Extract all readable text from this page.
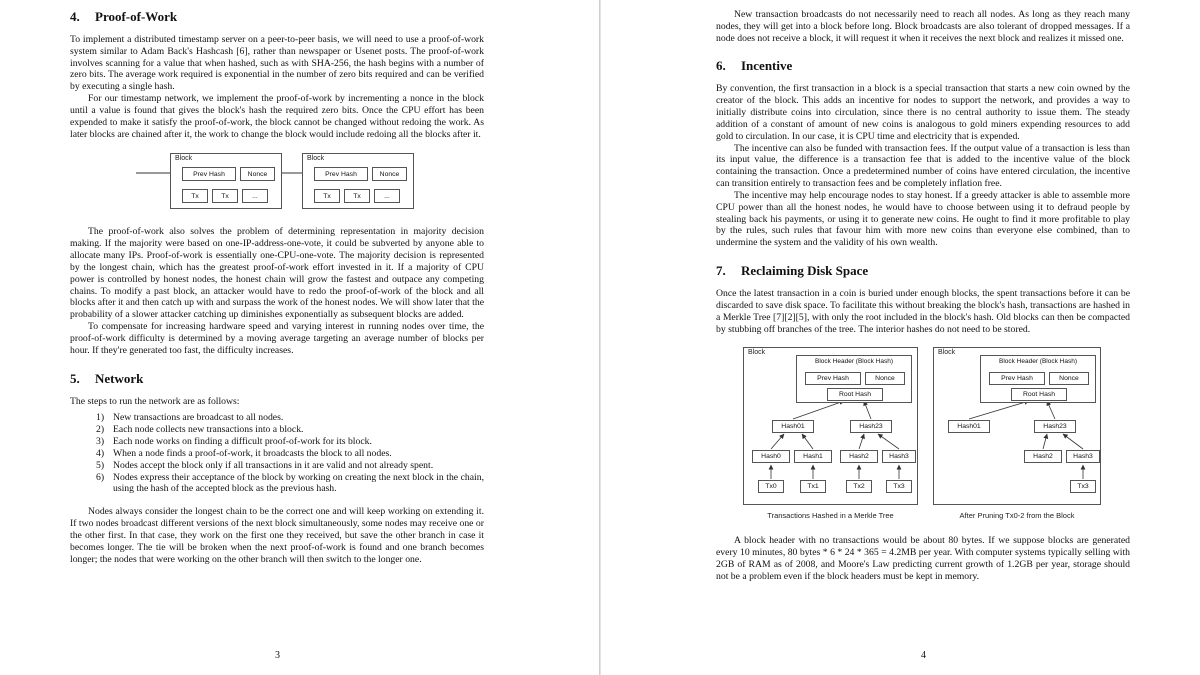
4. Proof-of-Work

To implement a distributed timestamp server on a peer-to-peer basis, we will need to use a proof-of-work system similar to Adam Back's Hashcash [6], rather than newspaper or Usenet posts. The proof-of-work involves scanning for a value that when hashed, such as with SHA-256, the hash begins with a number of zero bits. The average work required is exponential in the number of zero bits required and can be verified by executing a single hash.

For our timestamp network, we implement the proof-of-work by incrementing a nonce in the block until a value is found that gives the block's hash the required zero bits. Once the CPU effort has been expended to make it satisfy the proof-of-work, the block cannot be changed without redoing the work. As later blocks are chained after it, the work to change the block would include redoing all the blocks after it.

Block
Prev Hash	Nonce
Tx	Tx	...
Block
Prev Hash	Nonce
Tx	Tx	...

The proof-of-work also solves the problem of determining representation in majority decision making. If the majority were based on one-IP-address-one-vote, it could be subverted by anyone able to allocate many IPs. Proof-of-work is essentially one-CPU-one-vote. The majority decision is represented by the longest chain, which has the greatest proof-of-work effort invested in it. If a majority of CPU power is controlled by honest nodes, the honest chain will grow the fastest and outpace any competing chains. To modify a past block, an attacker would have to redo the proof-of-work of the block and all blocks after it and then catch up with and surpass the work of the honest nodes. We will show later that the probability of a slower attacker catching up diminishes exponentially as subsequent blocks are added.

To compensate for increasing hardware speed and varying interest in running nodes over time, the proof-of-work difficulty is determined by a moving average targeting an average number of blocks per hour. If they're generated too fast, the difficulty increases.

5. Network

The steps to run the network are as follows:

1) New transactions are broadcast to all nodes.
2) Each node collects new transactions into a block.
3) Each node works on finding a difficult proof-of-work for its block.
4) When a node finds a proof-of-work, it broadcasts the block to all nodes.
5) Nodes accept the block only if all transactions in it are valid and not already spent.
6) Nodes express their acceptance of the block by working on creating the next block in the chain, using the hash of the accepted block as the previous hash.

Nodes always consider the longest chain to be the correct one and will keep working on extending it. If two nodes broadcast different versions of the next block simultaneously, some nodes may receive one or the other first. In that case, they work on the first one they received, but save the other branch in case it becomes longer. The tie will be broken when the next proof-of-work is found and one branch becomes longer; the nodes that were working on the other branch will then switch to the longer one.

3

New transaction broadcasts do not necessarily need to reach all nodes. As long as they reach many nodes, they will get into a block before long. Block broadcasts are also tolerant of dropped messages. If a node does not receive a block, it will request it when it receives the next block and realizes it missed one.

6. Incentive

By convention, the first transaction in a block is a special transaction that starts a new coin owned by the creator of the block. This adds an incentive for nodes to support the network, and provides a way to initially distribute coins into circulation, since there is no central authority to issue them. The steady addition of a constant of amount of new coins is analogous to gold miners expending resources to add gold to circulation. In our case, it is CPU time and electricity that is expended.

The incentive can also be funded with transaction fees. If the output value of a transaction is less than its input value, the difference is a transaction fee that is added to the incentive value of the block containing the transaction. Once a predetermined number of coins have entered circulation, the incentive can transition entirely to transaction fees and be completely inflation free.

The incentive may help encourage nodes to stay honest. If a greedy attacker is able to assemble more CPU power than all the honest nodes, he would have to choose between using it to defraud people by stealing back his payments, or using it to generate new coins. He ought to find it more profitable to play by the rules, such rules that favour him with more new coins than everyone else combined, than to undermine the system and the validity of his own wealth.

7. Reclaiming Disk Space

Once the latest transaction in a coin is buried under enough blocks, the spent transactions before it can be discarded to save disk space. To facilitate this without breaking the block's hash, transactions are hashed in a Merkle Tree [7][2][5], with only the root included in the block's hash. Old blocks can then be compacted by stubbing off branches of the tree. The interior hashes do not need to be stored.

Block
Block Header (Block Hash)
Prev Hash	Nonce
Root Hash
Hash01	Hash23
Hash0	Hash1	Hash2	Hash3
Tx0	Tx1	Tx2	Tx3
Block
Block Header (Block Hash)
Prev Hash	Nonce
Root Hash
Hash01	Hash23
Hash2	Hash3
Tx3
Transactions Hashed in a Merkle Tree	After Pruning Tx0-2 from the Block

A block header with no transactions would be about 80 bytes. If we suppose blocks are generated every 10 minutes, 80 bytes * 6 * 24 * 365 = 4.2MB per year. With computer systems typically selling with 2GB of RAM as of 2008, and Moore's Law predicting current growth of 1.2GB per year, storage should not be a problem even if the block headers must be kept in memory.

4
